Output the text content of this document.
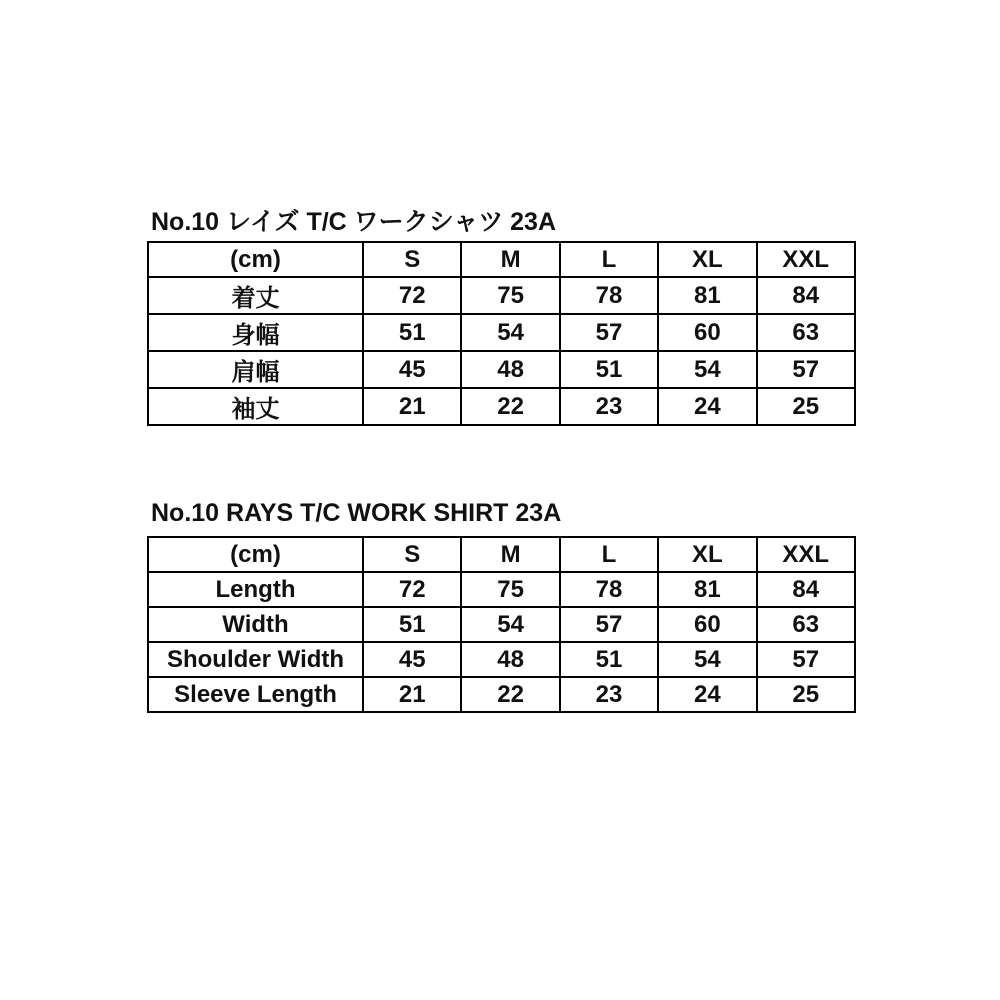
No.10 レイズ T/C ワークシャツ 23A
(cm)	S	M	L	XL	XXL
着丈	72	75	78	81	84
身幅	51	54	57	60	63
肩幅	45	48	51	54	57
袖丈	21	22	23	24	25
No.10 RAYS T/C WORK SHIRT 23A
(cm)	S	M	L	XL	XXL
Length	72	75	78	81	84
Width	51	54	57	60	63
Shoulder Width	45	48	51	54	57
Sleeve Length	21	22	23	24	25
